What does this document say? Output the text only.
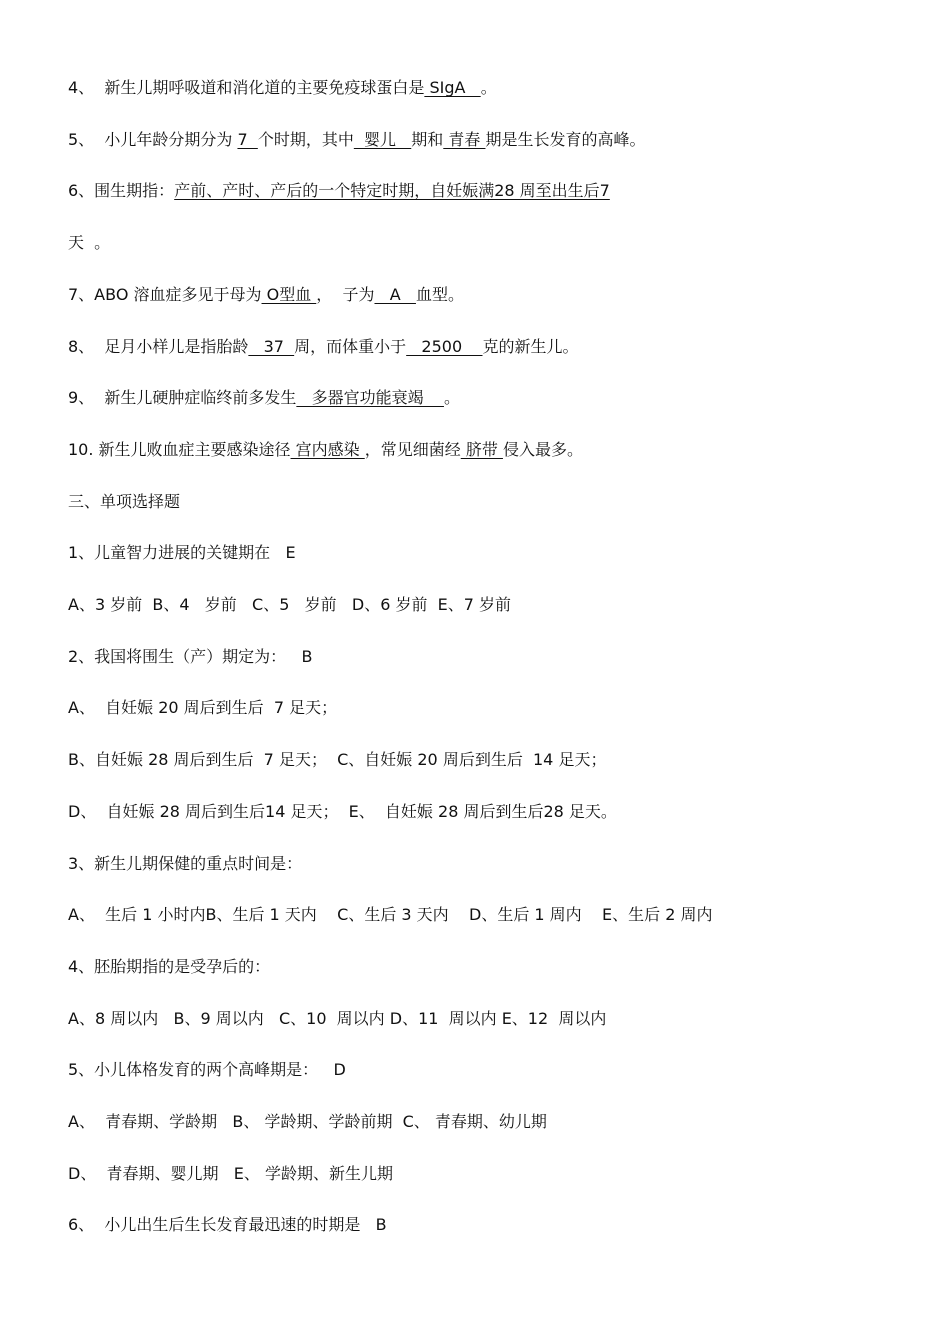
4、  新生儿期呼吸道和消化道的主要免疫球蛋白是 SIgA   。
5、  小儿年龄分期分为 7  个时期，其中  婴儿   期和 青春 期是生长发育的高峰。
6、围生期指：产前、产时、产后的一个特定时期，自妊娠满28 周至出生后7
天  。
7、ABO 溶血症多见于母为 O型血 ，  子为   A   血型。
8、  足月小样儿是指胎龄   37  周，而体重小于   2500    克的新生儿。
9、  新生儿硬肿症临终前多发生   多器官功能衰竭    。
10. 新生儿败血症主要感染途径 宫内感染 ，常见细菌经 脐带 侵入最多。
三、单项选择题
1、儿童智力进展的关键期在   E
A、3 岁前  B、4   岁前   C、5   岁前   D、6 岁前  E、7 岁前
2、我国将围生（产）期定为：   B
A、  自妊娠 20 周后到生后  7 足天；
B、自妊娠 28 周后到生后  7 足天；  C、自妊娠 20 周后到生后  14 足天；
D、  自妊娠 28 周后到生后14 足天；  E、  自妊娠 28 周后到生后28 足天。
3、新生儿期保健的重点时间是：
A、  生后 1 小时内B、生后 1 天内    C、生后 3 天内    D、生后 1 周内    E、生后 2 周内
4、胚胎期指的是受孕后的：
A、8 周以内   B、9 周以内   C、10  周以内 D、11  周以内 E、12  周以内
5、小儿体格发育的两个高峰期是：   D
A、  青春期、学龄期   B、 学龄期、学龄前期  C、 青春期、幼儿期
D、  青春期、婴儿期   E、 学龄期、新生儿期
6、  小儿出生后生长发育最迅速的时期是   B
